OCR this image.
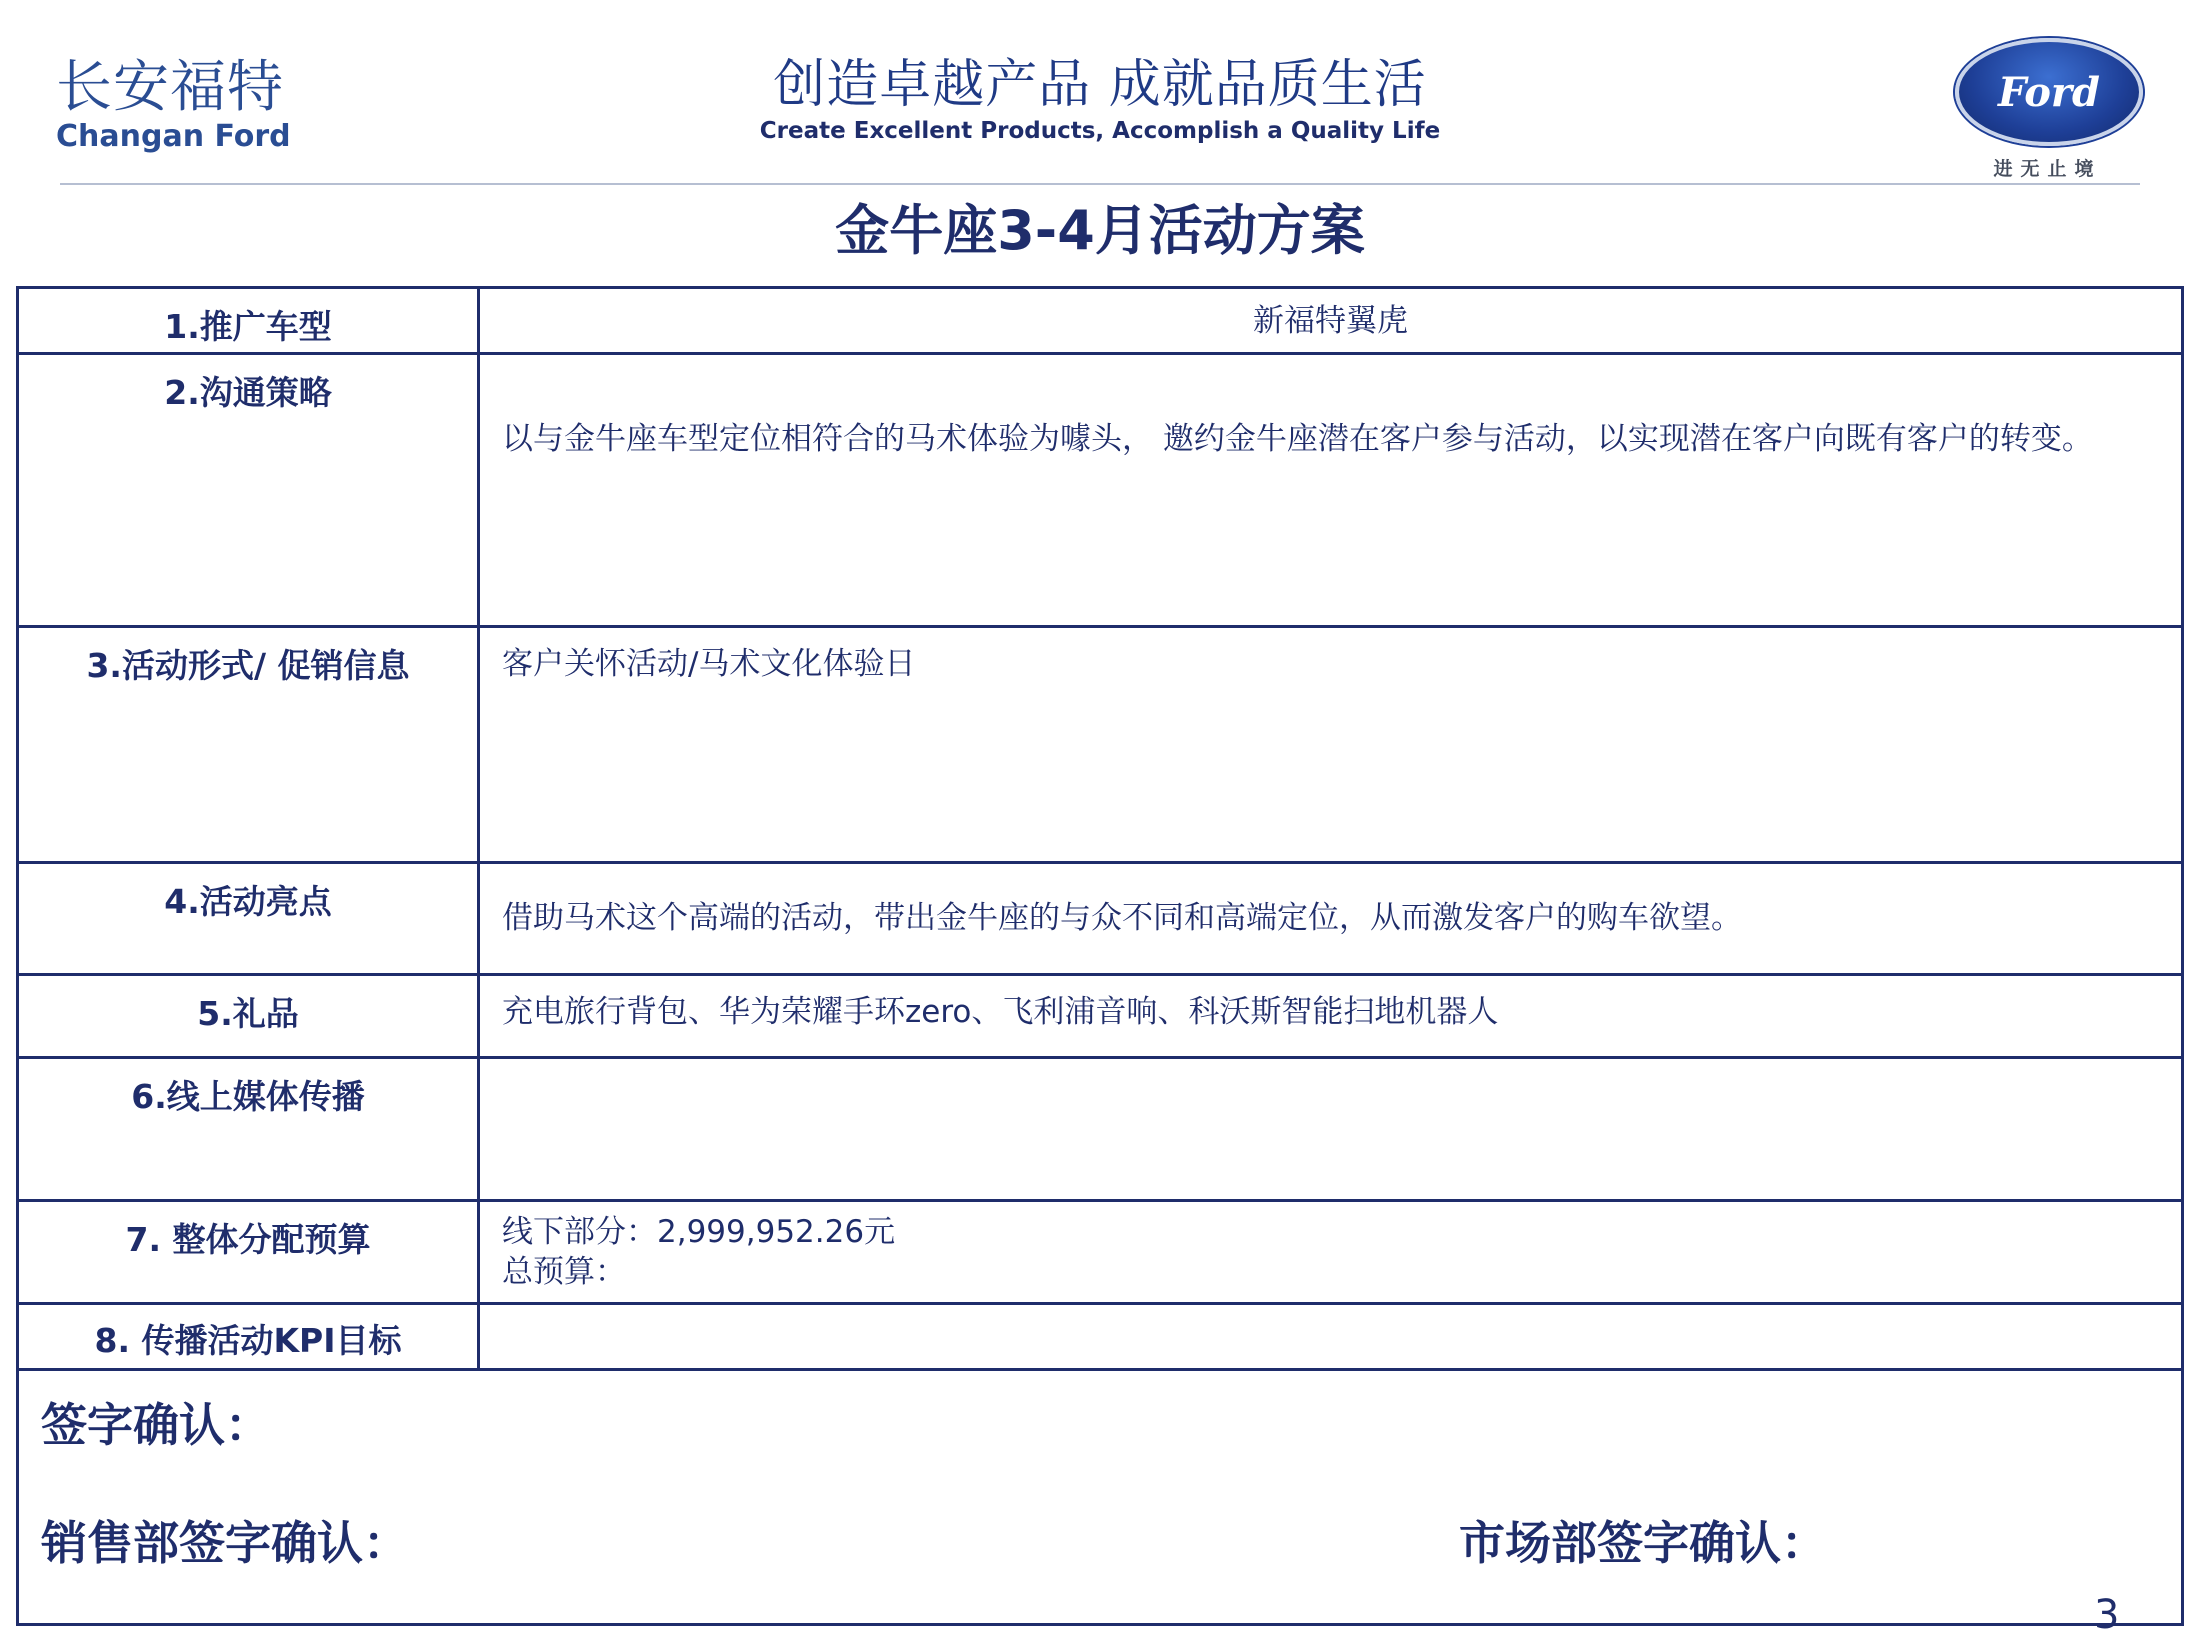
长安福特
Changan Ford
创造卓越产品 成就品质生活
Create Excellent Products, Accomplish a Quality Life
Ford
进无止境
金牛座3-4月活动方案
1.推广车型	新福特翼虎
2.沟通策略	以与金牛座车型定位相符合的马术体验为噱头， 邀约金牛座潜在客户参与活动，以实现潜在客户向既有客户的转变。
3.活动形式/ 促销信息	客户关怀活动/马术文化体验日
4.活动亮点	借助马术这个高端的活动，带出金牛座的与众不同和高端定位，从而激发客户的购车欲望。
5.礼品	充电旅行背包、华为荣耀手环zero、飞利浦音响、科沃斯智能扫地机器人
6.线上媒体传播	
7. 整体分配预算	线下部分：2,999,952.26元
总预算：

8. 传播活动KPI目标	
签字确认：
销售部签字确认：	市场部签字确认：
3
